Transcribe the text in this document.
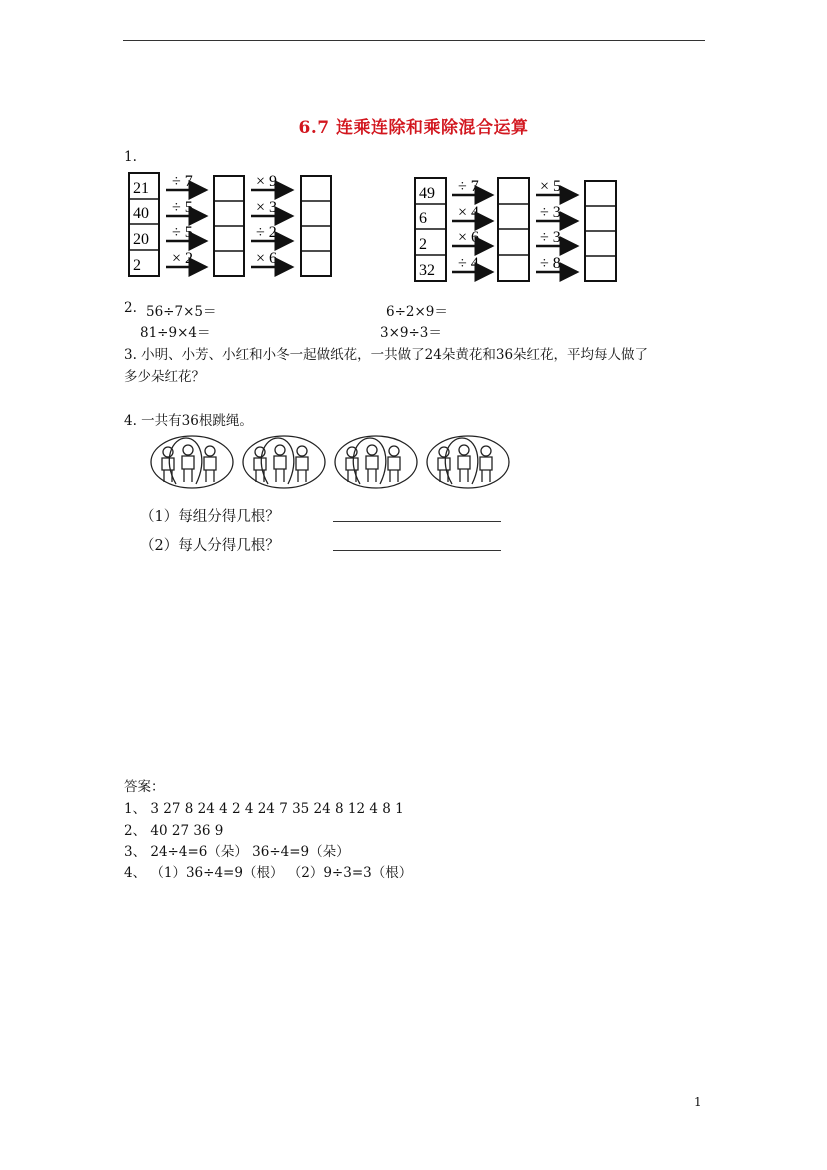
6.7 连乘连除和乘除混合运算
1.
21
40
20
2
÷ 7
÷ 5
÷ 5
× 2
× 9
× 3
÷ 2
× 6
49
6
2
32
÷ 7
× 4
× 6
÷ 4
× 5
÷ 3
÷ 3
÷ 8
2. 56÷7×5＝	6÷2×9＝
81÷9×4＝	3×9÷3＝
3. 小明、小芳、小红和小冬一起做纸花，一共做了24朵黄花和36朵红花，平均每人做了
多少朵红花？
4. 一共有36根跳绳。
（1）每组分得几根？
（2）每人分得几根？
答案：
1、 3 27 8 24 4 2 4 24 7 35 24 8 12 4 8 1
2、 40 27 36 9
3、 24÷4=6（朵） 36÷4=9（朵）
4、 （1）36÷4=9（根） （2）9÷3=3（根）
1
